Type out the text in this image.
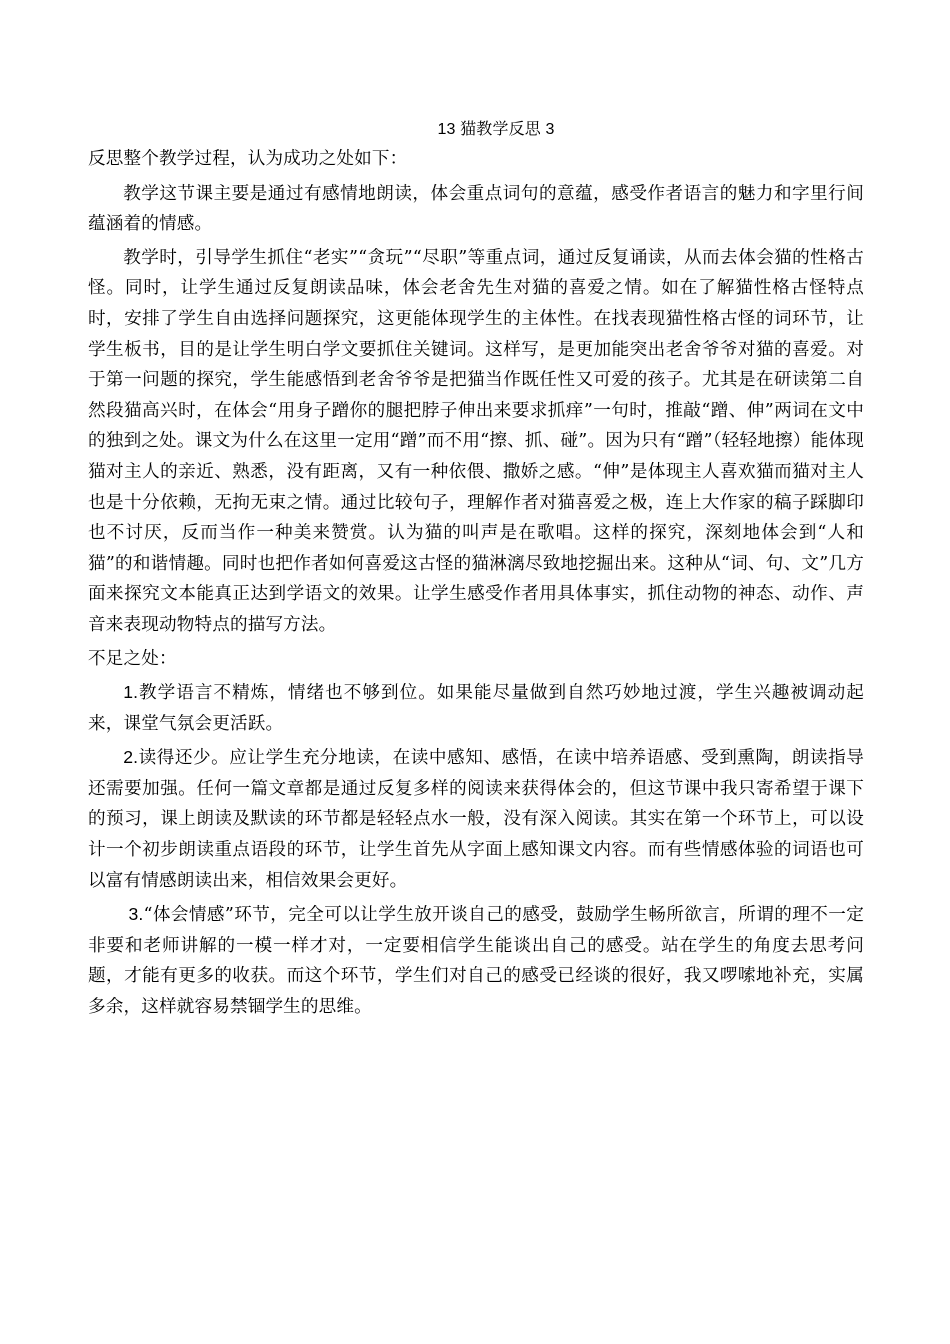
13 猫教学反思 3
反思整个教学过程，认为成功之处如下：

教学这节课主要是通过有感情地朗读，体会重点词句的意蕴，感受作者语言的魅力和字里行间蕴涵着的情感。

教学时，引导学生抓住“老实”“贪玩”“尽职”等重点词，通过反复诵读，从而去体会猫的性格古怪。同时，让学生通过反复朗读品味，体会老舍先生对猫的喜爱之情。如在了解猫性格古怪特点时，安排了学生自由选择问题探究，这更能体现学生的主体性。在找表现猫性格古怪的词环节，让学生板书，目的是让学生明白学文要抓住关键词。这样写，是更加能突出老舍爷爷对猫的喜爱。对于第一问题的探究，学生能感悟到老舍爷爷是把猫当作既任性又可爱的孩子。尤其是在研读第二自然段猫高兴时，在体会“用身子蹭你的腿把脖子伸出来要求抓痒”一句时，推敲“蹭、伸”两词在文中的独到之处。课文为什么在这里一定用“蹭”而不用“擦、抓、碰”。因为只有“蹭”（轻轻地擦）能体现猫对主人的亲近、熟悉，没有距离，又有一种依偎、撒娇之感。“伸”是体现主人喜欢猫而猫对主人也是十分依赖，无拘无束之情。通过比较句子，理解作者对猫喜爱之极，连上大作家的稿子踩脚印也不讨厌，反而当作一种美来赞赏。认为猫的叫声是在歌唱。这样的探究，深刻地体会到“人和猫”的和谐情趣。同时也把作者如何喜爱这古怪的猫淋漓尽致地挖掘出来。这种从“词、句、文”几方面来探究文本能真正达到学语文的效果。让学生感受作者用具体事实，抓住动物的神态、动作、声音来表现动物特点的描写方法。

不足之处：

1.教学语言不精炼，情绪也不够到位。如果能尽量做到自然巧妙地过渡，学生兴趣被调动起来，课堂气氛会更活跃。

2.读得还少。应让学生充分地读，在读中感知、感悟，在读中培养语感、受到熏陶，朗读指导还需要加强。任何一篇文章都是通过反复多样的阅读来获得体会的，但这节课中我只寄希望于课下的预习，课上朗读及默读的环节都是轻轻点水一般，没有深入阅读。其实在第一个环节上，可以设计一个初步朗读重点语段的环节，让学生首先从字面上感知课文内容。而有些情感体验的词语也可以富有情感朗读出来，相信效果会更好。

3.“体会情感”环节，完全可以让学生放开谈自己的感受，鼓励学生畅所欲言，所谓的理不一定非要和老师讲解的一模一样才对，一定要相信学生能谈出自己的感受。站在学生的角度去思考问题，才能有更多的收获。而这个环节，学生们对自己的感受已经谈的很好，我又啰嗦地补充，实属多余，这样就容易禁锢学生的思维。
